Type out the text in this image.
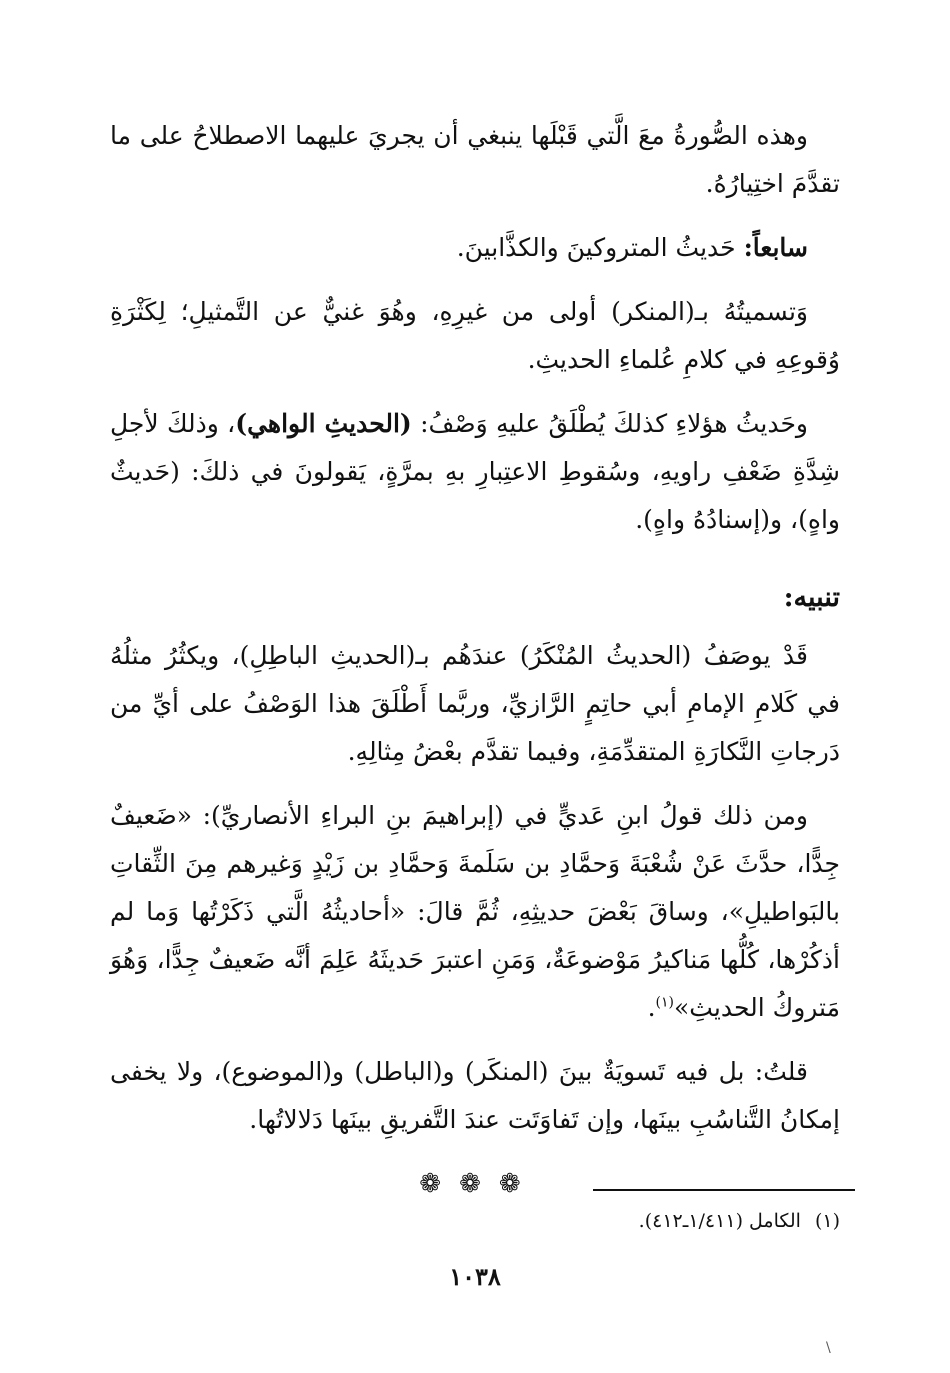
وهذه الصُّورةُ معَ الَّتي قَبْلَها ينبغي أن يجريَ عليهما الاصطلاحُ على ما تقدَّمَ اختِيارُهُ.

سابعاً: حَديثُ المتروكينَ والكذَّابينَ.

وَتسميتُهُ بـ(المنكر) أولى من غيرِهِ، وهُوَ غنيٌّ عن التَّمثيلِ؛ لِكَثْرَةِ وُقوعِهِ في كلامِ عُلماءِ الحديثِ.

وحَديثُ هؤلاءِ كذلكَ يُطْلَقُ عليهِ وَصْفُ: (الحديثِ الواهي)، وذلكَ لأجلِ شِدَّةِ ضَعْفِ راويهِ، وسُقوطِ الاعتِبارِ بهِ بمرَّةٍ، يَقولونَ في ذلكَ: (حَديثٌ واهٍ)، و(إسنادُهُ واهٍ).

تنبيه:

قَدْ يوصَفُ (الحديثُ المُنْكَرُ) عندَهُم بـ(الحديثِ الباطِلِ)، ويكثُرُ مثلُهُ في كَلامِ الإمامِ أبي حاتِمٍ الرَّازيِّ، وربَّما أَطْلَقَ هذا الوَصْفُ على أيِّ من دَرجاتِ النَّكارَةِ المتقدِّمَةِ، وفيما تقدَّم بعْضُ مِثالِهِ.

ومن ذلك قولُ ابنِ عَديٍّ في (إبراهيمَ بنِ البراءِ الأنصاريِّ): «ضَعيفٌ جِدًّا، حدَّثَ عَنْ شُعْبَةَ وَحمَّادِ بن سَلَمةَ وَحمَّادِ بن زَيْدٍ وَغيرهم مِنَ الثِّقاتِ بالبَواطيلِ»، وساقَ بَعْضَ حديثِهِ، ثُمَّ قالَ: «أحاديثُهُ الَّتي ذَكَرْتُها وَما لم أذكُرْها، كُلُّها مَناكيرُ مَوْضوعَةٌ، وَمَنِ اعتبرَ حَديثَهُ عَلِمَ أنَّه ضَعيفٌ جِدًّا، وَهُوَ مَتروكُ الحديثِ»$^{(١)}$.

قلتُ: بل فيه تَسويَةٌ بينَ (المنكَر) و(الباطل) و(الموضوع)، ولا يخفى إمكانُ التَّناسُبِ بينَها، وإن تَفاوَتَت عندَ التَّفريقِ بينَها دَلالاتُها.

❁❁❁
(١)الكامل (١/٤١١ـ٤١٢).
١٠٣٨
\
